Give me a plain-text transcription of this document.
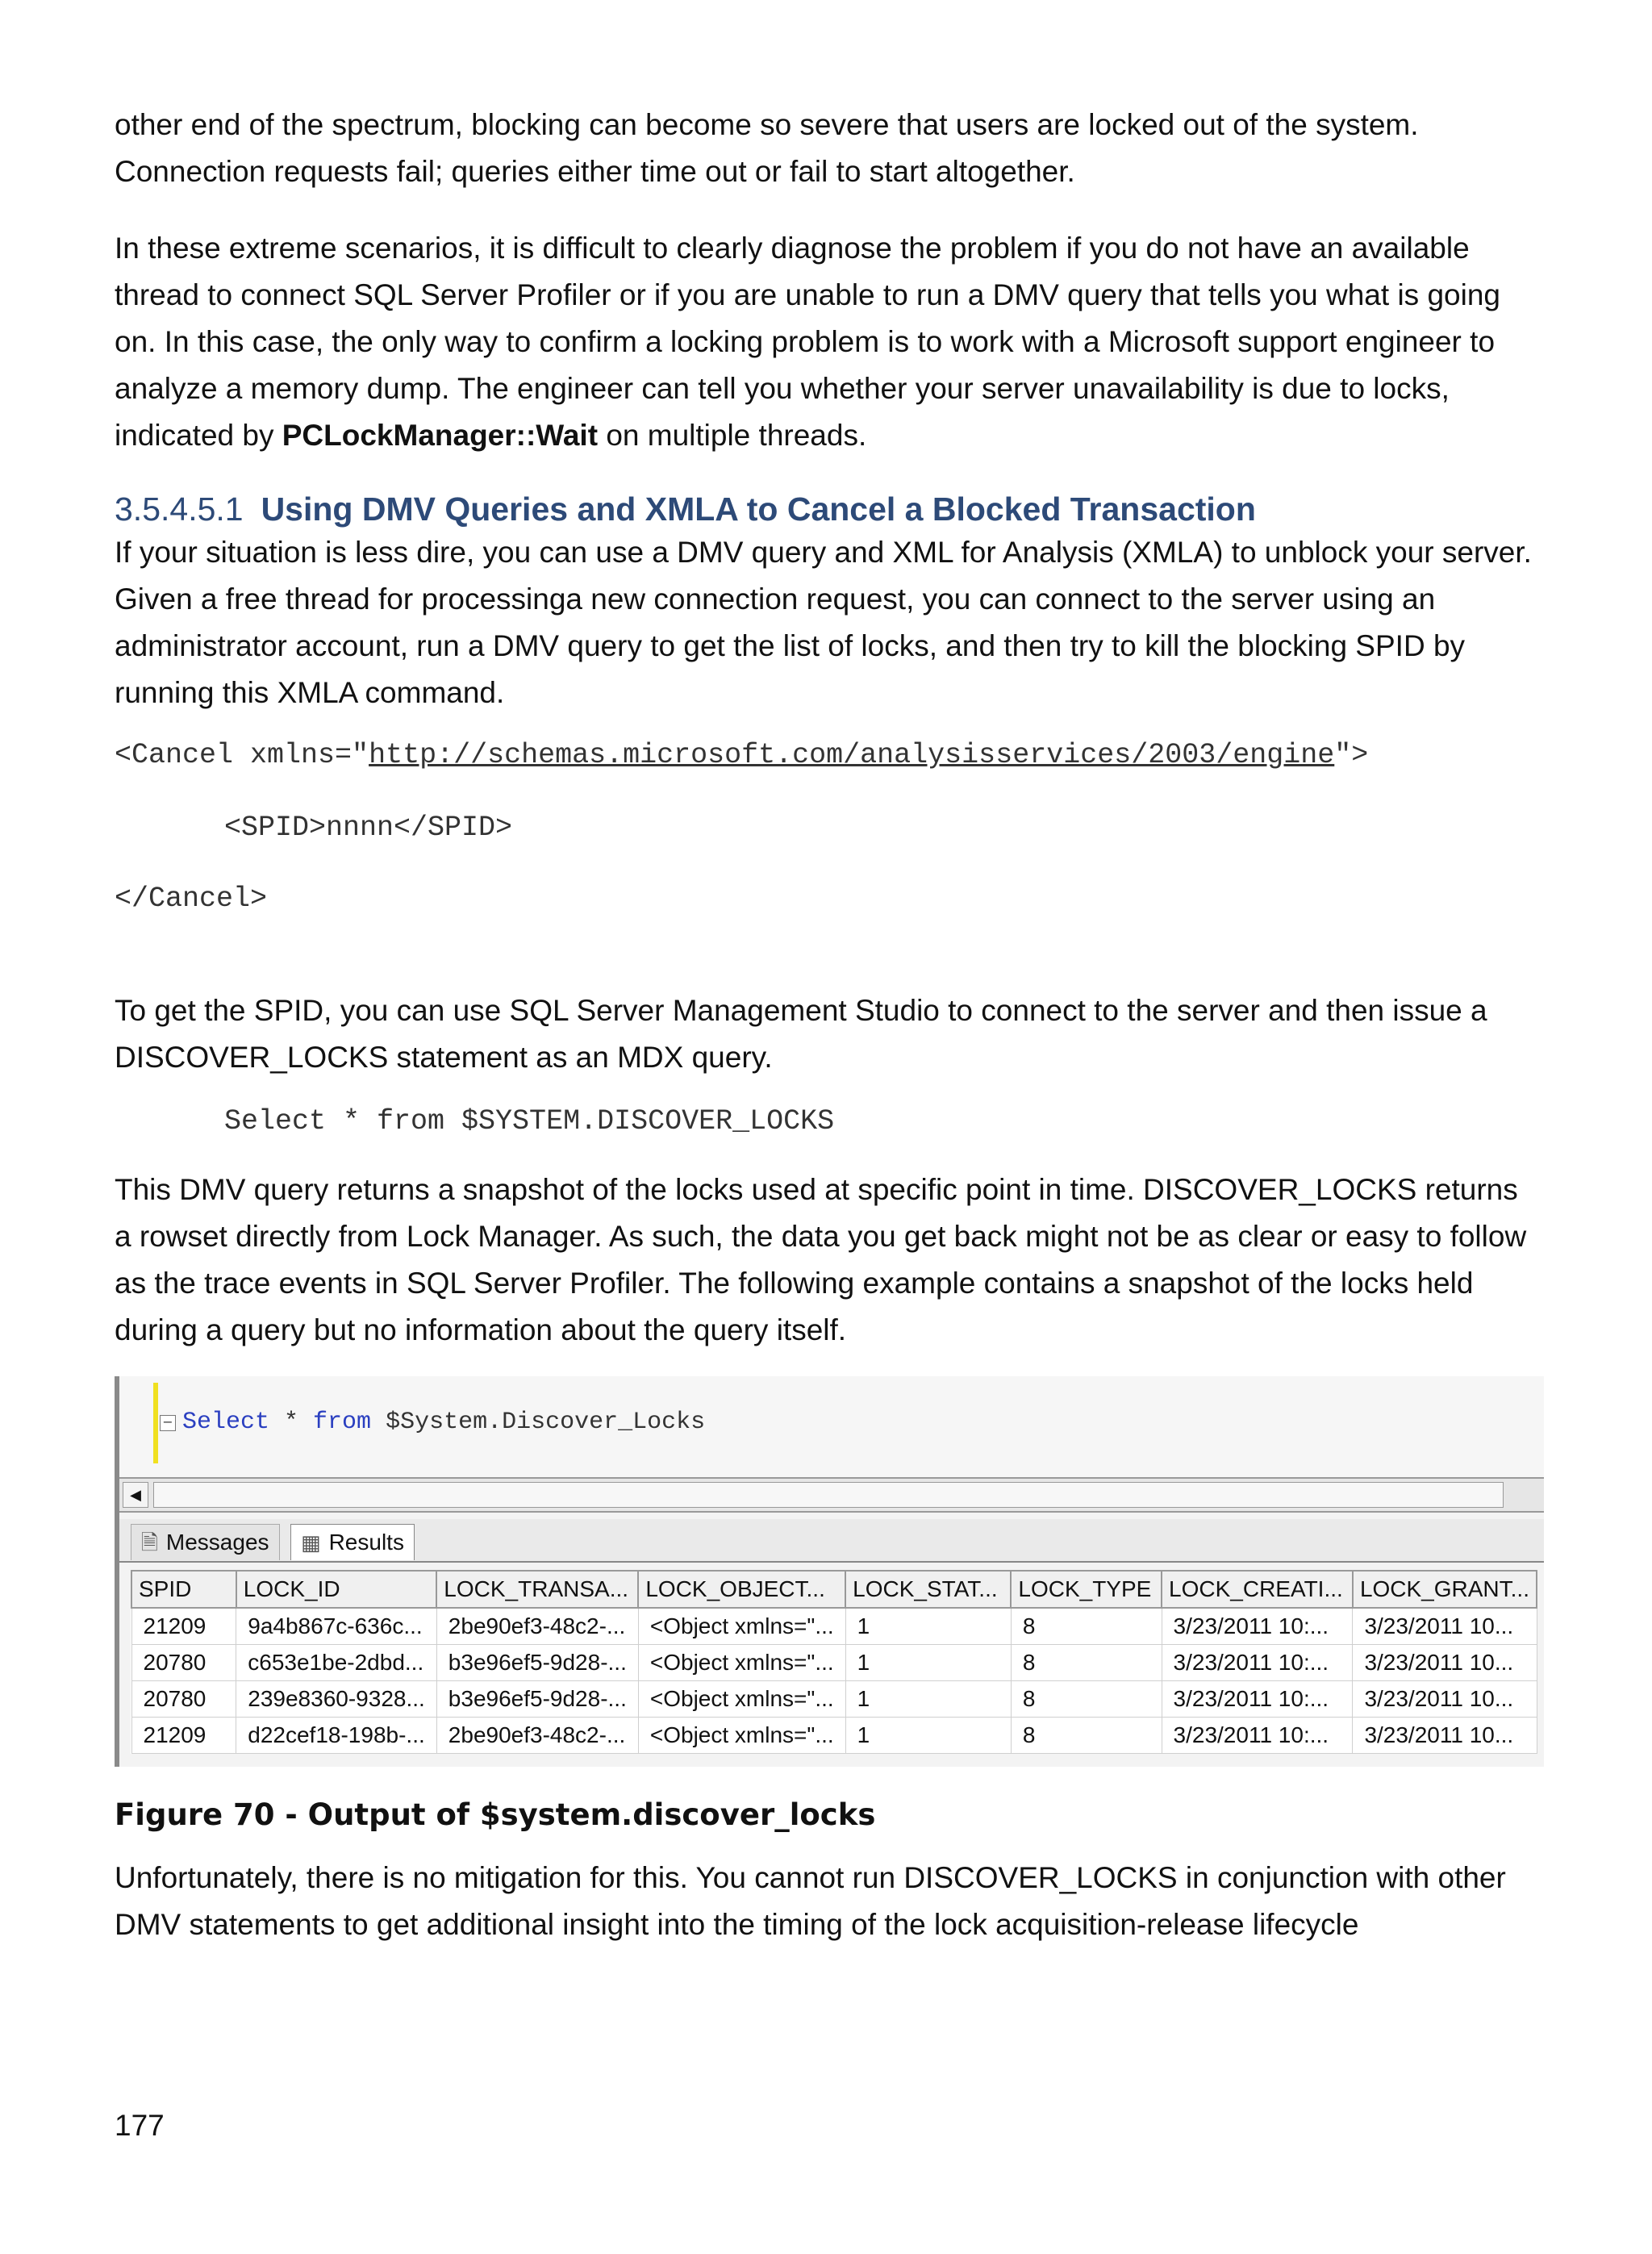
other end of the spectrum, blocking can become so severe that users are locked out of the system. Connection requests fail; queries either time out or fail to start altogether.

In these extreme scenarios, it is difficult to clearly diagnose the problem if you do not have an available thread to connect SQL Server Profiler or if you are unable to run a DMV query that tells you what is going on. In this case, the only way to confirm a locking problem is to work with a Microsoft support engineer to analyze a memory dump. The engineer can tell you whether your server unavailability is due to locks, indicated by PCLockManager::Wait on multiple threads.

3.5.4.5.1 Using DMV Queries and XMLA to Cancel a Blocked Transaction

If your situation is less dire, you can use a DMV query and XML for Analysis (XMLA) to unblock your server. Given a free thread for processinga new connection request, you can connect to the server using an administrator account, run a DMV query to get the list of locks, and then try to kill the blocking SPID by running this XMLA command.

<Cancel xmlns="http://schemas.microsoft.com/analysisservices/2003/engine">

<SPID>nnnn</SPID>

</Cancel>

To get the SPID, you can use SQL Server Management Studio to connect to the server and then issue a DISCOVER_LOCKS statement as an MDX query.

Select * from $SYSTEM.DISCOVER_LOCKS

This DMV query returns a snapshot of the locks used at specific point in time. DISCOVER_LOCKS returns a rowset directly from Lock Manager. As such, the data you get back might not be as clear or easy to follow as the trace events in SQL Server Profiler. The following example contains a snapshot of the locks held during a query but no information about the query itself.

− Select * from $System.Discover_Locks
◀
🗎 Messages ▦ Results
SPID	LOCK_ID	LOCK_TRANSA...	LOCK_OBJECT...	LOCK_STAT...	LOCK_TYPE	LOCK_CREATI...	LOCK_GRANT...
21209	9a4b867c-636c...	2be90ef3-48c2-...	<Object xmlns="...	1	8	3/23/2011 10:...	3/23/2011 10...
20780	c653e1be-2dbd...	b3e96ef5-9d28-...	<Object xmlns="...	1	8	3/23/2011 10:...	3/23/2011 10...
20780	239e8360-9328...	b3e96ef5-9d28-...	<Object xmlns="...	1	8	3/23/2011 10:...	3/23/2011 10...
21209	d22cef18-198b-...	2be90ef3-48c2-...	<Object xmlns="...	1	8	3/23/2011 10:...	3/23/2011 10...
Figure 70 - Output of $system.discover_locks

Unfortunately, there is no mitigation for this. You cannot run DISCOVER_LOCKS in conjunction with other DMV statements to get additional insight into the timing of the lock acquisition-release lifecycle

177
